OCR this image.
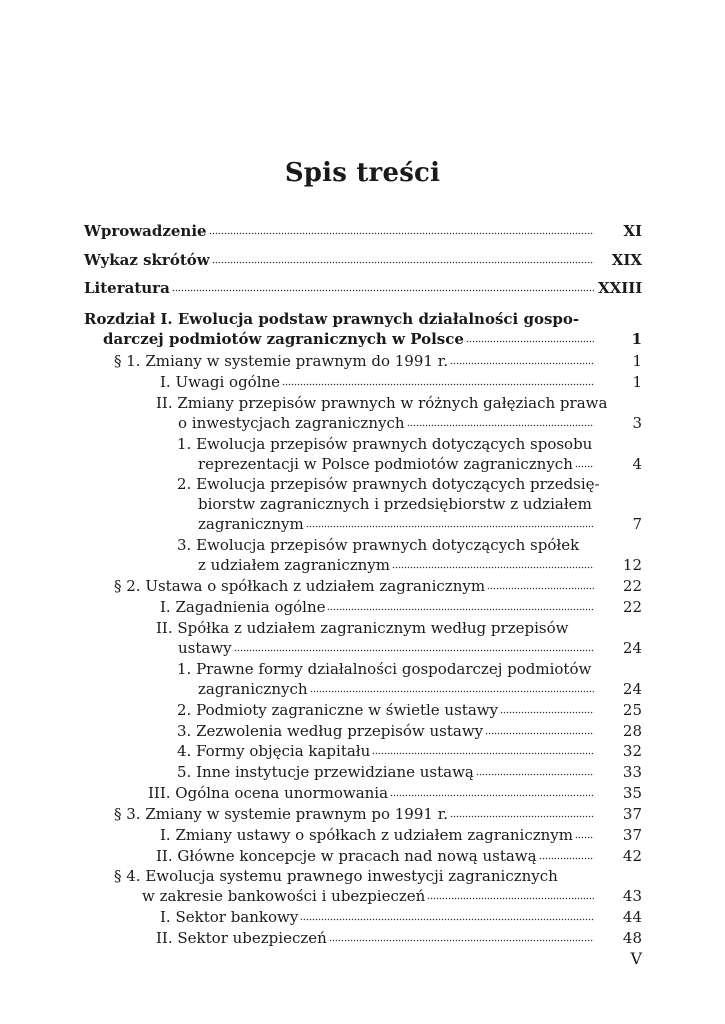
Spis treści
Wprowadzenie	XI
Wykaz skrótów	XIX
Literatura	XXIII
Rozdział I. Ewolucja podstaw prawnych działalności gospo-
darczej podmiotów zagranicznych w Polsce	1
§ 1. Zmiany w systemie prawnym do 1991 r.	1
I. Uwagi ogólne	1
II. Zmiany przepisów prawnych w różnych gałęziach prawa
o inwestycjach zagranicznych	3
1. Ewolucja przepisów prawnych dotyczących sposobu
reprezentacji w Polsce podmiotów zagranicznych	4
2. Ewolucja przepisów prawnych dotyczących przedsię-
biorstw zagranicznych i przedsiębiorstw z udziałem
zagranicznym	7
3. Ewolucja przepisów prawnych dotyczących spółek
z udziałem zagranicznym	12
§ 2. Ustawa o spółkach z udziałem zagranicznym	22
I. Zagadnienia ogólne	22
II. Spółka z udziałem zagranicznym według przepisów
ustawy	24
1. Prawne formy działalności gospodarczej podmiotów
zagranicznych	24
2. Podmioty zagraniczne w świetle ustawy	25
3. Zezwolenia według przepisów ustawy	28
4. Formy objęcia kapitału	32
5. Inne instytucje przewidziane ustawą	33
III. Ogólna ocena unormowania	35
§ 3. Zmiany w systemie prawnym po 1991 r.	37
I. Zmiany ustawy o spółkach z udziałem zagranicznym	37
II. Główne koncepcje w pracach nad nową ustawą	42
§ 4. Ewolucja systemu prawnego inwestycji zagranicznych
w zakresie bankowości i ubezpieczeń	43
I. Sektor bankowy	44
II. Sektor ubezpieczeń	48
V
